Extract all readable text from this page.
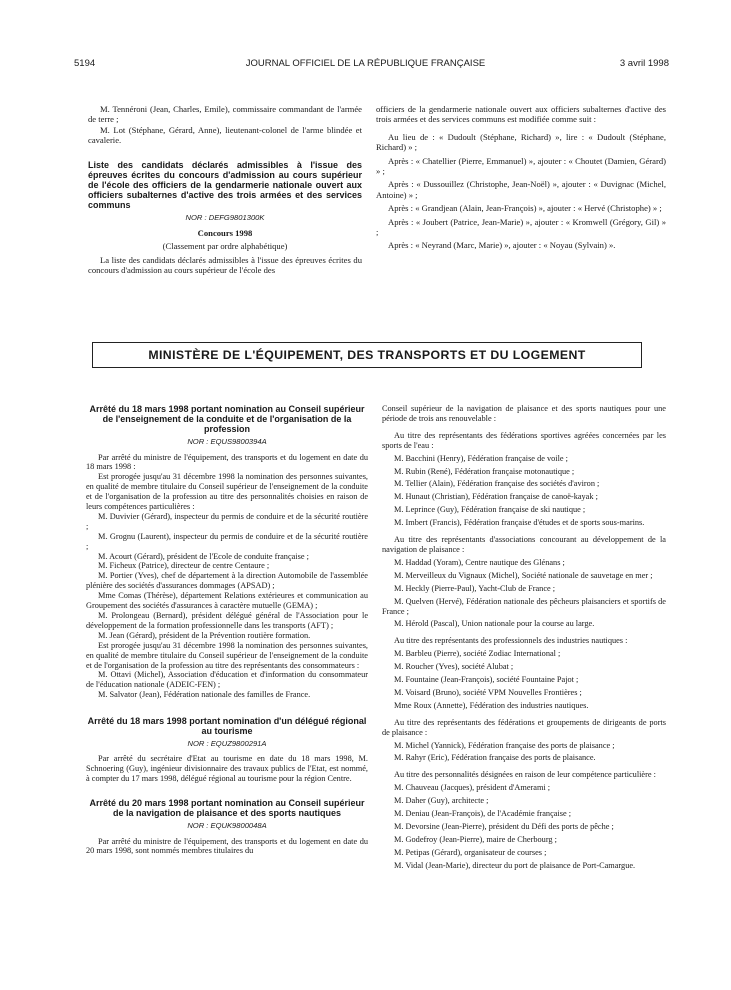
5194	JOURNAL OFFICIEL DE LA RÉPUBLIQUE FRANÇAISE	3 avril 1998

M. Tennéroni (Jean, Charles, Emile), commissaire commandant de l'armée de terre ;

M. Lot (Stéphane, Gérard, Anne), lieutenant-colonel de l'arme blindée et cavalerie.

Liste des candidats déclarés admissibles à l'issue des épreuves écrites du concours d'admission au cours supérieur de l'école des officiers de la gendarmerie nationale ouvert aux officiers subalternes d'active des trois armées et des services communs

NOR : DEFG9801300K

Concours 1998

(Classement par ordre alphabétique)

La liste des candidats déclarés admissibles à l'issue des épreuves écrites du concours d'admission au cours supérieur de l'école des

officiers de la gendarmerie nationale ouvert aux officiers subalternes d'active des trois armées et des services communs est modifiée comme suit :

Au lieu de : « Dudoult (Stéphane, Richard) », lire : « Dudoult (Stéphane, Richard) » ;

Après : « Chatellier (Pierre, Emmanuel) », ajouter : « Choutet (Damien, Gérard) » ;

Après : « Dussouillez (Christophe, Jean-Noël) », ajouter : « Duvignac (Michel, Antoine) » ;

Après : « Grandjean (Alain, Jean-François) », ajouter : « Hervé (Christophe) » ;

Après : « Joubert (Patrice, Jean-Marie) », ajouter : « Kromwell (Grégory, Gil) » ;

Après : « Neyrand (Marc, Marie) », ajouter : « Noyau (Sylvain) ».

MINISTÈRE DE L'ÉQUIPEMENT, DES TRANSPORTS ET DU LOGEMENT

Arrêté du 18 mars 1998 portant nomination au Conseil supérieur de l'enseignement de la conduite et de l'organisation de la profession

NOR : EQUS9800394A

Par arrêté du ministre de l'équipement, des transports et du logement en date du 18 mars 1998 :

Est prorogée jusqu'au 31 décembre 1998 la nomination des personnes suivantes, en qualité de membre titulaire du Conseil supérieur de l'enseignement de la conduite et de l'organisation de la profession au titre des personnalités choisies en raison de leurs compétences particulières :

M. Duvivier (Gérard), inspecteur du permis de conduire et de la sécurité routière ;

M. Grognu (Laurent), inspecteur du permis de conduire et de la sécurité routière ;

M. Acourt (Gérard), président de l'Ecole de conduite française ;

M. Ficheux (Patrice), directeur de centre Centaure ;

M. Portier (Yves), chef de département à la direction Automobile de l'assemblée plénière des sociétés d'assurances dommages (APSAD) ;

Mme Comas (Thérèse), département Relations extérieures et communication au Groupement des sociétés d'assurances à caractère mutuelle (GEMA) ;

M. Prolongeau (Bernard), président délégué général de l'Association pour le développement de la formation professionnelle dans les transports (AFT) ;

M. Jean (Gérard), président de la Prévention routière formation.

Est prorogée jusqu'au 31 décembre 1998 la nomination des personnes suivantes, en qualité de membre titulaire du Conseil supérieur de l'enseignement de la conduite et de l'organisation de la profession au titre des représentants des consommateurs :

M. Ottavi (Michel), Association d'éducation et d'information du consommateur de l'éducation nationale (ADEIC-FEN) ;

M. Salvator (Jean), Fédération nationale des familles de France.

Arrêté du 18 mars 1998 portant nomination d'un délégué régional au tourisme

NOR : EQUZ9800291A

Par arrêté du secrétaire d'Etat au tourisme en date du 18 mars 1998, M. Schnoering (Guy), ingénieur divisionnaire des travaux publics de l'Etat, est nommé, à compter du 17 mars 1998, délégué régional au tourisme pour la région Centre.

Arrêté du 20 mars 1998 portant nomination au Conseil supérieur de la navigation de plaisance et des sports nautiques

NOR : EQUK9800048A

Par arrêté du ministre de l'équipement, des transports et du logement en date du 20 mars 1998, sont nommés membres titulaires du

Conseil supérieur de la navigation de plaisance et des sports nautiques pour une période de trois ans renouvelable :

Au titre des représentants des fédérations sportives agréées concernées par les sports de l'eau :

M. Bacchini (Henry), Fédération française de voile ;

M. Rubin (René), Fédération française motonautique ;

M. Tellier (Alain), Fédération française des sociétés d'aviron ;

M. Hunaut (Christian), Fédération française de canoë-kayak ;

M. Leprince (Guy), Fédération française de ski nautique ;

M. Imbert (Francis), Fédération française d'études et de sports sous-marins.

Au titre des représentants d'associations concourant au développement de la navigation de plaisance :

M. Haddad (Yoram), Centre nautique des Glénans ;

M. Merveilleux du Vignaux (Michel), Société nationale de sauvetage en mer ;

M. Heckly (Pierre-Paul), Yacht-Club de France ;

M. Quelven (Hervé), Fédération nationale des pêcheurs plaisanciers et sportifs de France ;

M. Hérold (Pascal), Union nationale pour la course au large.

Au titre des représentants des professionnels des industries nautiques :

M. Barbleu (Pierre), société Zodiac International ;

M. Roucher (Yves), société Alubat ;

M. Fountaine (Jean-François), société Fountaine Pajot ;

M. Voisard (Bruno), société VPM Nouvelles Frontières ;

Mme Roux (Annette), Fédération des industries nautiques.

Au titre des représentants des fédérations et groupements de dirigeants de ports de plaisance :

M. Michel (Yannick), Fédération française des ports de plaisance ;

M. Rahyr (Eric), Fédération française des ports de plaisance.

Au titre des personnalités désignées en raison de leur compétence particulière :

M. Chauveau (Jacques), président d'Amerami ;

M. Daher (Guy), architecte ;

M. Deniau (Jean-François), de l'Académie française ;

M. Devorsine (Jean-Pierre), président du Défi des ports de pêche ;

M. Godefroy (Jean-Pierre), maire de Cherbourg ;

M. Petipas (Gérard), organisateur de courses ;

M. Vidal (Jean-Marie), directeur du port de plaisance de Port-Camargue.
